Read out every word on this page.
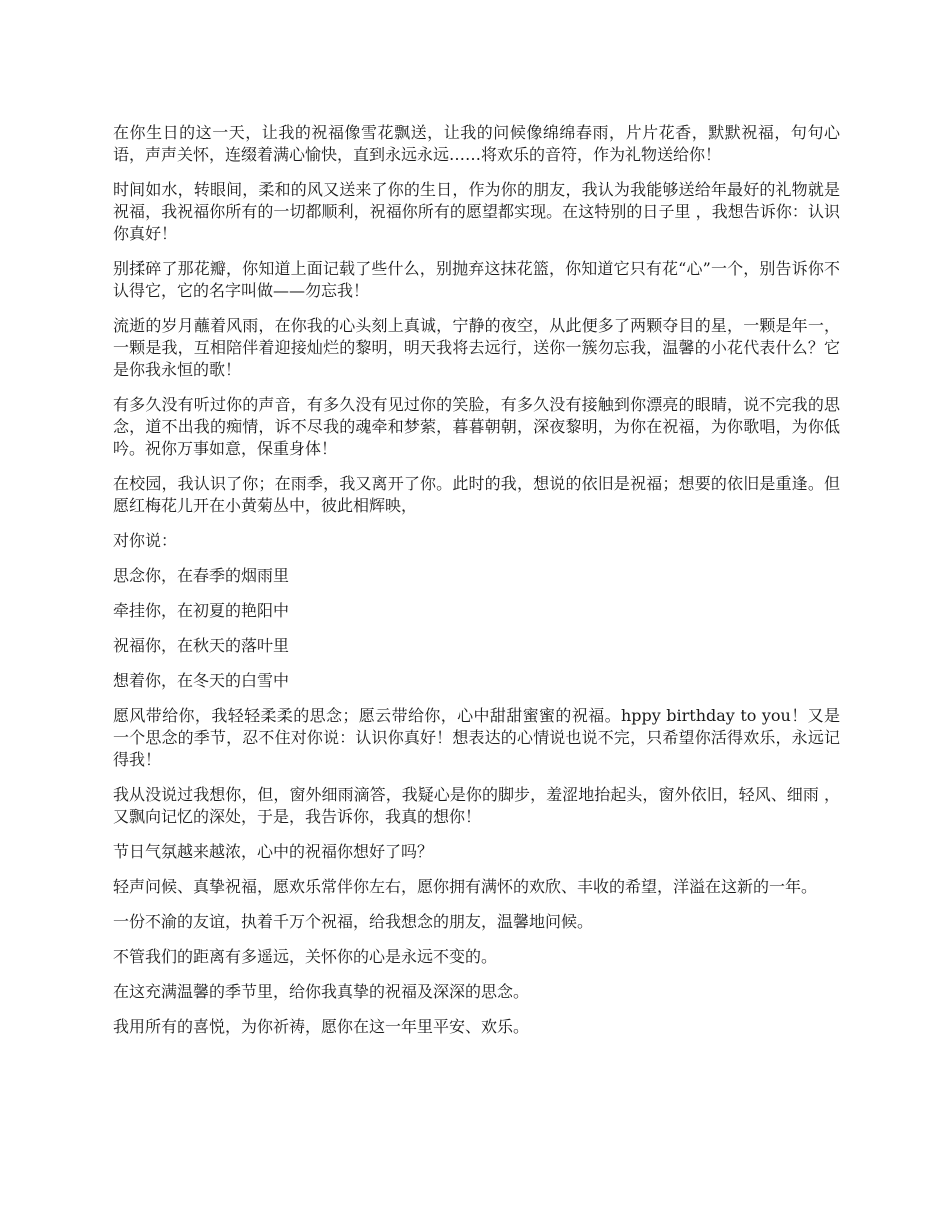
在你生日的这一天，让我的祝福像雪花飘送，让我的问候像绵绵春雨，片片花香，默默祝福，句句心语，声声关怀，连缀着满心愉快，直到永远永远……将欢乐的音符，作为礼物送给你！

时间如水，转眼间，柔和的风又送来了你的生日，作为你的朋友，我认为我能够送给年最好的礼物就是祝福，我祝福你所有的一切都顺利，祝福你所有的愿望都实现。在这特别的日子里 ，我想告诉你：认识你真好！

别揉碎了那花瓣，你知道上面记载了些什么，别抛弃这抹花篮，你知道它只有花“心”一个，别告诉你不认得它，它的名字叫做——勿忘我！

流逝的岁月蘸着风雨，在你我的心头刻上真诚，宁静的夜空，从此便多了两颗夺目的星，一颗是年一，一颗是我，互相陪伴着迎接灿烂的黎明，明天我将去远行，送你一簇勿忘我，温馨的小花代表什么？它是你我永恒的歌！

有多久没有听过你的声音，有多久没有见过你的笑脸，有多久没有接触到你漂亮的眼睛，说不完我的思念，道不出我的痴情，诉不尽我的魂牵和梦萦，暮暮朝朝，深夜黎明，为你在祝福，为你歌唱，为你低吟。祝你万事如意，保重身体！

在校园，我认识了你；在雨季，我又离开了你。此时的我，想说的依旧是祝福；想要的依旧是重逢。但愿红梅花儿开在小黄菊丛中，彼此相辉映，

对你说：

思念你，在春季的烟雨里

牵挂你，在初夏的艳阳中

祝福你，在秋天的落叶里

想着你，在冬天的白雪中

愿风带给你，我轻轻柔柔的思念；愿云带给你，心中甜甜蜜蜜的祝福。hppy birthday to you！又是一个思念的季节，忍不住对你说：认识你真好！想表达的心情说也说不完，只希望你活得欢乐，永远记得我！

我从没说过我想你，但，窗外细雨滴答，我疑心是你的脚步，羞涩地抬起头，窗外依旧，轻风、细雨 ，又飘向记忆的深处，于是，我告诉你，我真的想你！

节日气氛越来越浓，心中的祝福你想好了吗？

轻声问候、真挚祝福，愿欢乐常伴你左右，愿你拥有满怀的欢欣、丰收的希望，洋溢在这新的一年。

一份不渝的友谊，执着千万个祝福，给我想念的朋友，温馨地问候。

不管我们的距离有多遥远，关怀你的心是永远不变的。

在这充满温馨的季节里，给你我真挚的祝福及深深的思念。

我用所有的喜悦，为你祈祷，愿你在这一年里平安、欢乐。
